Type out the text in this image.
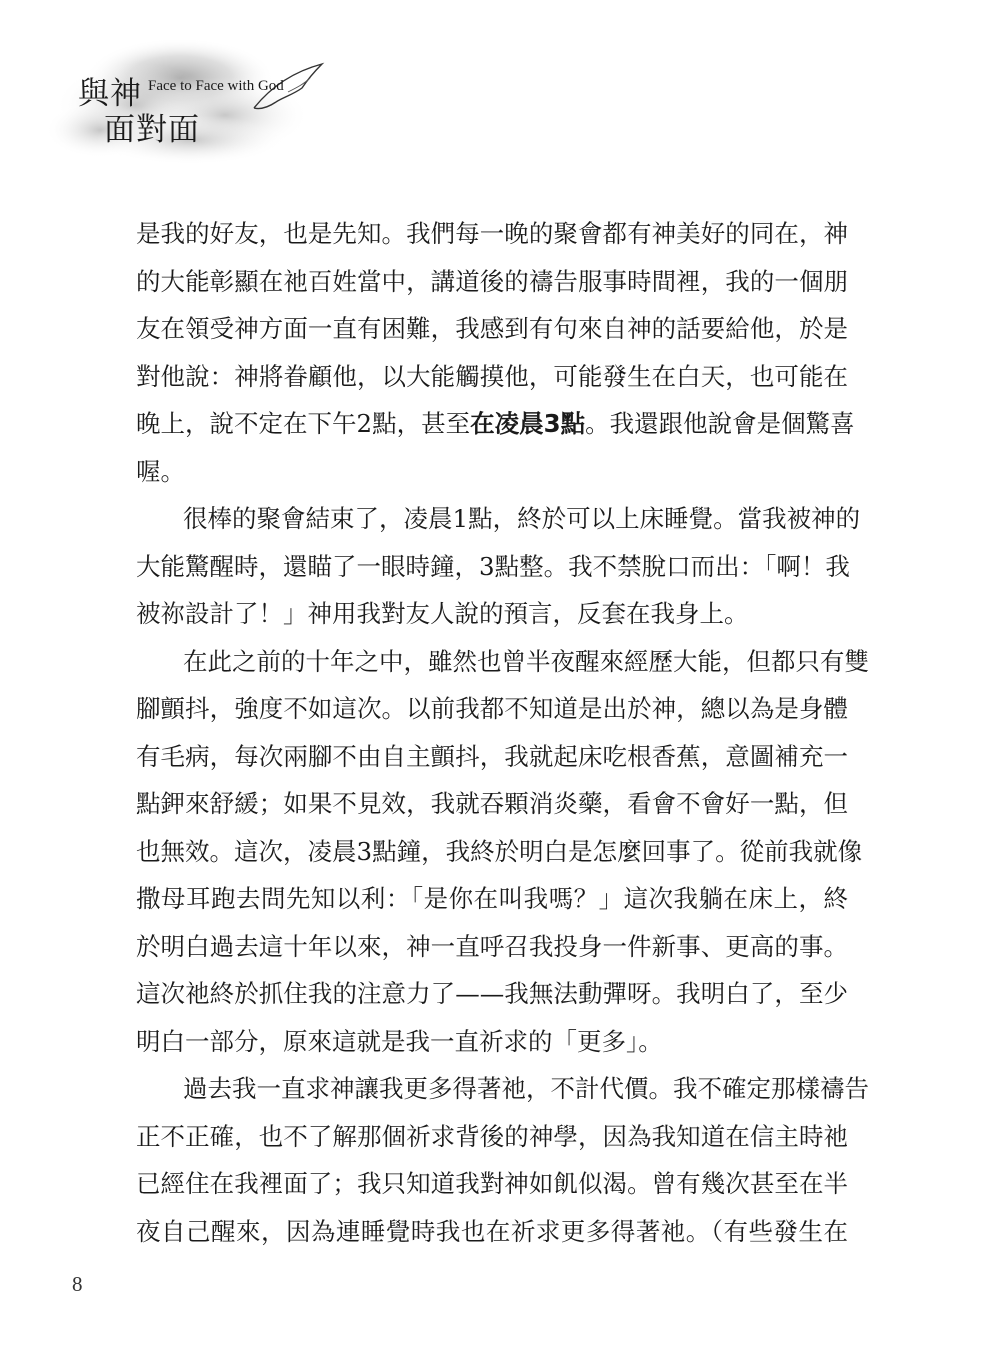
與神 Face to Face with God
面對面

是我的好友，也是先知。我們每一晚的聚會都有神美好的同在，神
的大能彰顯在祂百姓當中，講道後的禱告服事時間裡，我的一個朋
友在領受神方面一直有困難，我感到有句來自神的話要給他，於是
對他說：神將眷顧他，以大能觸摸他，可能發生在白天，也可能在
晚上，說不定在下午2點，甚至在凌晨3點。我還跟他說會是個驚喜
喔。

很棒的聚會結束了，凌晨1點，終於可以上床睡覺。當我被神的
大能驚醒時，還瞄了一眼時鐘，3點整。我不禁脫口而出：「啊！我
被祢設計了！」神用我對友人說的預言，反套在我身上。

在此之前的十年之中，雖然也曾半夜醒來經歷大能，但都只有雙
腳顫抖，強度不如這次。以前我都不知道是出於神，總以為是身體
有毛病，每次兩腳不由自主顫抖，我就起床吃根香蕉，意圖補充一
點鉀來舒緩；如果不見效，我就吞顆消炎藥，看會不會好一點，但
也無效。這次，凌晨3點鐘，我終於明白是怎麼回事了。從前我就像
撒母耳跑去問先知以利：「是你在叫我嗎？」這次我躺在床上，終
於明白過去這十年以來，神一直呼召我投身一件新事、更高的事。
這次祂終於抓住我的注意力了——我無法動彈呀。我明白了，至少
明白一部分，原來這就是我一直祈求的「更多」。

過去我一直求神讓我更多得著祂，不計代價。我不確定那樣禱告
正不正確，也不了解那個祈求背後的神學，因為我知道在信主時祂
已經住在我裡面了；我只知道我對神如飢似渴。曾有幾次甚至在半
夜自己醒來，因為連睡覺時我也在祈求更多得著祂。（有些發生在

8
